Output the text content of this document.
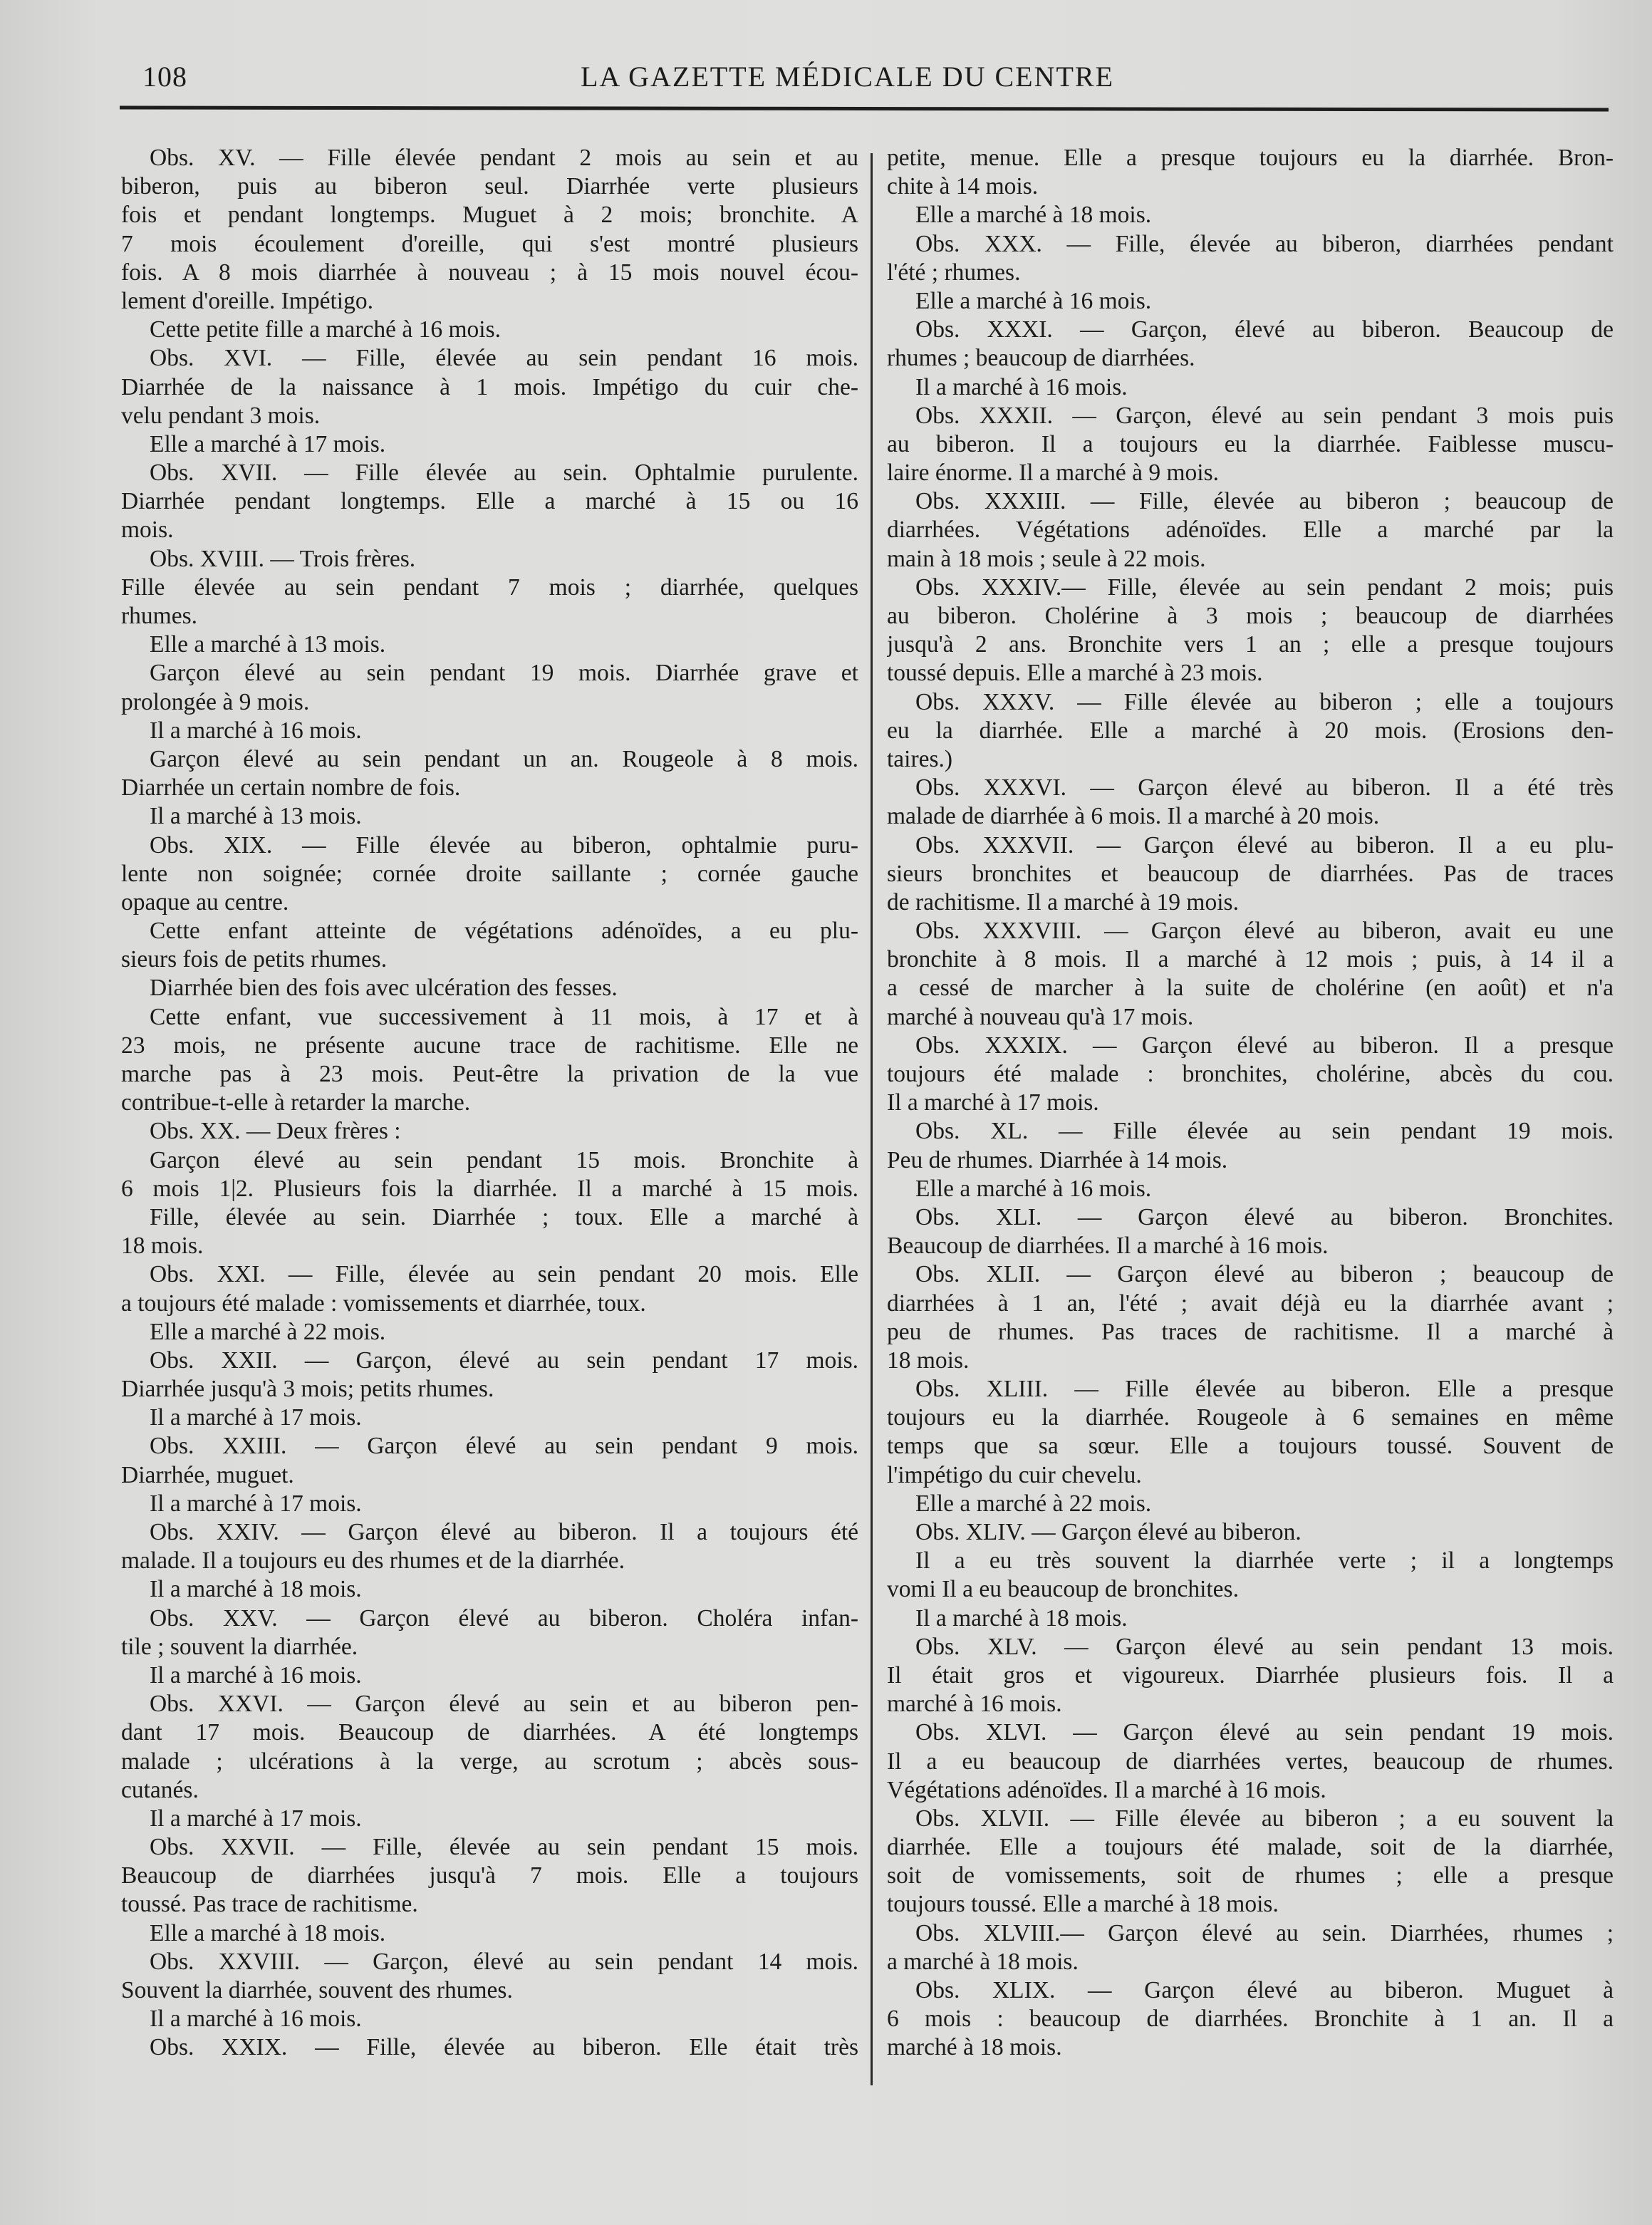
108	LA GAZETTE MÉDICALE DU CENTRE
Obs. XV. — Fille élevée pendant 2 mois au sein et au
biberon, puis au biberon seul. Diarrhée verte plusieurs
fois et pendant longtemps. Muguet à 2 mois; bronchite. A
7 mois écoulement d'oreille, qui s'est montré plusieurs
fois. A 8 mois diarrhée à nouveau ; à 15 mois nouvel écou-
lement d'oreille. Impétigo.
Cette petite fille a marché à 16 mois.
Obs. XVI. — Fille, élevée au sein pendant 16 mois.
Diarrhée de la naissance à 1 mois. Impétigo du cuir che-
velu pendant 3 mois.
Elle a marché à 17 mois.
Obs. XVII. — Fille élevée au sein. Ophtalmie purulente.
Diarrhée pendant longtemps. Elle a marché à 15 ou 16
mois.
Obs. XVIII. — Trois frères.
Fille élevée au sein pendant 7 mois ; diarrhée, quelques
rhumes.
Elle a marché à 13 mois.
Garçon élevé au sein pendant 19 mois. Diarrhée grave et
prolongée à 9 mois.
Il a marché à 16 mois.
Garçon élevé au sein pendant un an. Rougeole à 8 mois.
Diarrhée un certain nombre de fois.
Il a marché à 13 mois.
Obs. XIX. — Fille élevée au biberon, ophtalmie puru-
lente non soignée; cornée droite saillante ; cornée gauche
opaque au centre.
Cette enfant atteinte de végétations adénoïdes, a eu plu-
sieurs fois de petits rhumes.
Diarrhée bien des fois avec ulcération des fesses.
Cette enfant, vue successivement à 11 mois, à 17 et à
23 mois, ne présente aucune trace de rachitisme. Elle ne
marche pas à 23 mois. Peut-être la privation de la vue
contribue-t-elle à retarder la marche.
Obs. XX. — Deux frères :
Garçon élevé au sein pendant 15 mois. Bronchite à
6 mois 1|2. Plusieurs fois la diarrhée. Il a marché à 15 mois.
Fille, élevée au sein. Diarrhée ; toux. Elle a marché à
18 mois.
Obs. XXI. — Fille, élevée au sein pendant 20 mois. Elle
a toujours été malade : vomissements et diarrhée, toux.
Elle a marché à 22 mois.
Obs. XXII. — Garçon, élevé au sein pendant 17 mois.
Diarrhée jusqu'à 3 mois; petits rhumes.
Il a marché à 17 mois.
Obs. XXIII. — Garçon élevé au sein pendant 9 mois.
Diarrhée, muguet.
Il a marché à 17 mois.
Obs. XXIV. — Garçon élevé au biberon. Il a toujours été
malade. Il a toujours eu des rhumes et de la diarrhée.
Il a marché à 18 mois.
Obs. XXV. — Garçon élevé au biberon. Choléra infan-
tile ; souvent la diarrhée.
Il a marché à 16 mois.
Obs. XXVI. — Garçon élevé au sein et au biberon pen-
dant 17 mois. Beaucoup de diarrhées. A été longtemps
malade ; ulcérations à la verge, au scrotum ; abcès sous-
cutanés.
Il a marché à 17 mois.
Obs. XXVII. — Fille, élevée au sein pendant 15 mois.
Beaucoup de diarrhées jusqu'à 7 mois. Elle a toujours
toussé. Pas trace de rachitisme.
Elle a marché à 18 mois.
Obs. XXVIII. — Garçon, élevé au sein pendant 14 mois.
Souvent la diarrhée, souvent des rhumes.
Il a marché à 16 mois.
Obs. XXIX. — Fille, élevée au biberon. Elle était très
petite, menue. Elle a presque toujours eu la diarrhée. Bron-
chite à 14 mois.
Elle a marché à 18 mois.
Obs. XXX. — Fille, élevée au biberon, diarrhées pendant
l'été ; rhumes.
Elle a marché à 16 mois.
Obs. XXXI. — Garçon, élevé au biberon. Beaucoup de
rhumes ; beaucoup de diarrhées.
Il a marché à 16 mois.
Obs. XXXII. — Garçon, élevé au sein pendant 3 mois puis
au biberon. Il a toujours eu la diarrhée. Faiblesse muscu-
laire énorme. Il a marché à 9 mois.
Obs. XXXIII. — Fille, élevée au biberon ; beaucoup de
diarrhées. Végétations adénoïdes. Elle a marché par la
main à 18 mois ; seule à 22 mois.
Obs. XXXIV.— Fille, élevée au sein pendant 2 mois; puis
au biberon. Cholérine à 3 mois ; beaucoup de diarrhées
jusqu'à 2 ans. Bronchite vers 1 an ; elle a presque toujours
toussé depuis. Elle a marché à 23 mois.
Obs. XXXV. — Fille élevée au biberon ; elle a toujours
eu la diarrhée. Elle a marché à 20 mois. (Erosions den-
taires.)
Obs. XXXVI. — Garçon élevé au biberon. Il a été très
malade de diarrhée à 6 mois. Il a marché à 20 mois.
Obs. XXXVII. — Garçon élevé au biberon. Il a eu plu-
sieurs bronchites et beaucoup de diarrhées. Pas de traces
de rachitisme. Il a marché à 19 mois.
Obs. XXXVIII. — Garçon élevé au biberon, avait eu une
bronchite à 8 mois. Il a marché à 12 mois ; puis, à 14 il a
a cessé de marcher à la suite de cholérine (en août) et n'a
marché à nouveau qu'à 17 mois.
Obs. XXXIX. — Garçon élevé au biberon. Il a presque
toujours été malade : bronchites, cholérine, abcès du cou.
Il a marché à 17 mois.
Obs. XL. — Fille élevée au sein pendant 19 mois.
Peu de rhumes. Diarrhée à 14 mois.
Elle a marché à 16 mois.
Obs. XLI. — Garçon élevé au biberon. Bronchites.
Beaucoup de diarrhées. Il a marché à 16 mois.
Obs. XLII. — Garçon élevé au biberon ; beaucoup de
diarrhées à 1 an, l'été ; avait déjà eu la diarrhée avant ;
peu de rhumes. Pas traces de rachitisme. Il a marché à
18 mois.
Obs. XLIII. — Fille élevée au biberon. Elle a presque
toujours eu la diarrhée. Rougeole à 6 semaines en même
temps que sa sœur. Elle a toujours toussé. Souvent de
l'impétigo du cuir chevelu.
Elle a marché à 22 mois.
Obs. XLIV. — Garçon élevé au biberon.
Il a eu très souvent la diarrhée verte ; il a longtemps
vomi Il a eu beaucoup de bronchites.
Il a marché à 18 mois.
Obs. XLV. — Garçon élevé au sein pendant 13 mois.
Il était gros et vigoureux. Diarrhée plusieurs fois. Il a
marché à 16 mois.
Obs. XLVI. — Garçon élevé au sein pendant 19 mois.
Il a eu beaucoup de diarrhées vertes, beaucoup de rhumes.
Végétations adénoïdes. Il a marché à 16 mois.
Obs. XLVII. — Fille élevée au biberon ; a eu souvent la
diarrhée. Elle a toujours été malade, soit de la diarrhée,
soit de vomissements, soit de rhumes ; elle a presque
toujours toussé. Elle a marché à 18 mois.
Obs. XLVIII.— Garçon élevé au sein. Diarrhées, rhumes ;
a marché à 18 mois.
Obs. XLIX. — Garçon élevé au biberon. Muguet à
6 mois : beaucoup de diarrhées. Bronchite à 1 an. Il a
marché à 18 mois.
